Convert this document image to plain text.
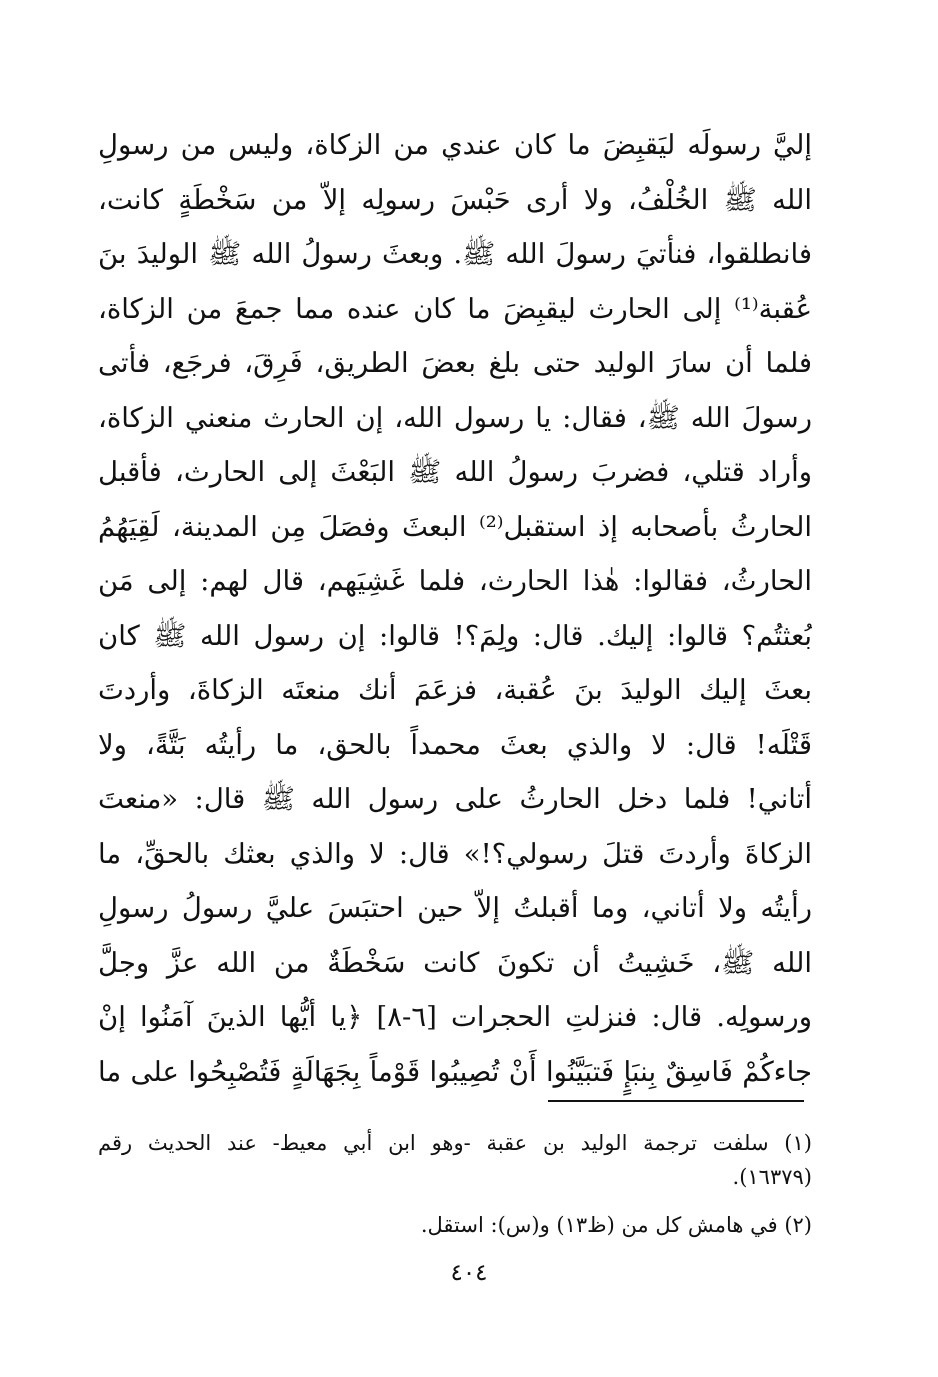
إليَّ رسولَه ليَقبِضَ ما كان عندي من الزكاة، وليس من رسولِ
الله ﷺ الخُلْفُ، ولا أرى حَبْسَ رسولِه إلاّ من سَخْطَةٍ كانت،
فانطلقوا، فنأتيَ رسولَ الله ﷺ. وبعثَ رسولُ الله ﷺ الوليدَ بنَ
عُقبة⁽¹⁾ إلى الحارث ليقبِضَ ما كان عنده مما جمعَ من الزكاة،
فلما أن سارَ الوليد حتى بلغ بعضَ الطريق، فَرِقَ، فرجَع، فأتى
رسولَ الله ﷺ، فقال: يا رسول الله، إن الحارث منعني الزكاة،
وأراد قتلي، فضربَ رسولُ الله ﷺ البَعْثَ إلى الحارث، فأقبل
الحارثُ بأصحابه إذ استقبل⁽²⁾ البعثَ وفصَلَ مِن المدينة، لَقِيَهُمُ
الحارثُ، فقالوا: هٰذا الحارث، فلما غَشِيَهم، قال لهم: إلى مَن
بُعثتُم؟ قالوا: إليك. قال: ولِمَ؟! قالوا: إن رسول الله ﷺ كان
بعثَ إليك الوليدَ بنَ عُقبة، فزعَمَ أنك منعتَه الزكاةَ، وأردتَ
قَتْلَه! قال: لا والذي بعثَ محمداً بالحق، ما رأيتُه بَتَّةً، ولا
أتاني! فلما دخل الحارثُ على رسول الله ﷺ قال: «منعتَ
الزكاةَ وأردتَ قتلَ رسولي؟!» قال: لا والذي بعثك بالحقِّ، ما
رأيتُه ولا أتاني، وما أقبلتُ إلاّ حين احتبَسَ عليَّ رسولُ رسولِ
الله ﷺ، خَشِيتُ أن تكونَ كانت سَخْطَةٌ من الله عزَّ وجلَّ
ورسولِه. قال: فنزلتِ الحجرات [٦-٨] ﴿يا أيُّها الذينَ آمَنُوا إنْ
جاءكُمْ فَاسِقٌ بِنبَإٍ فَتبَيَّنُوا أَنْ تُصِيبُوا قَوْماً بِجَهَالَةٍ فَتُصْبِحُوا على ما
(١) سلفت ترجمة الوليد بن عقبة -وهو ابن أبي معيط- عند الحديث رقم
(١٦٣٧٩).
(٢) في هامش كل من (ظ١٣) و(س): استقل.
٤٠٤
